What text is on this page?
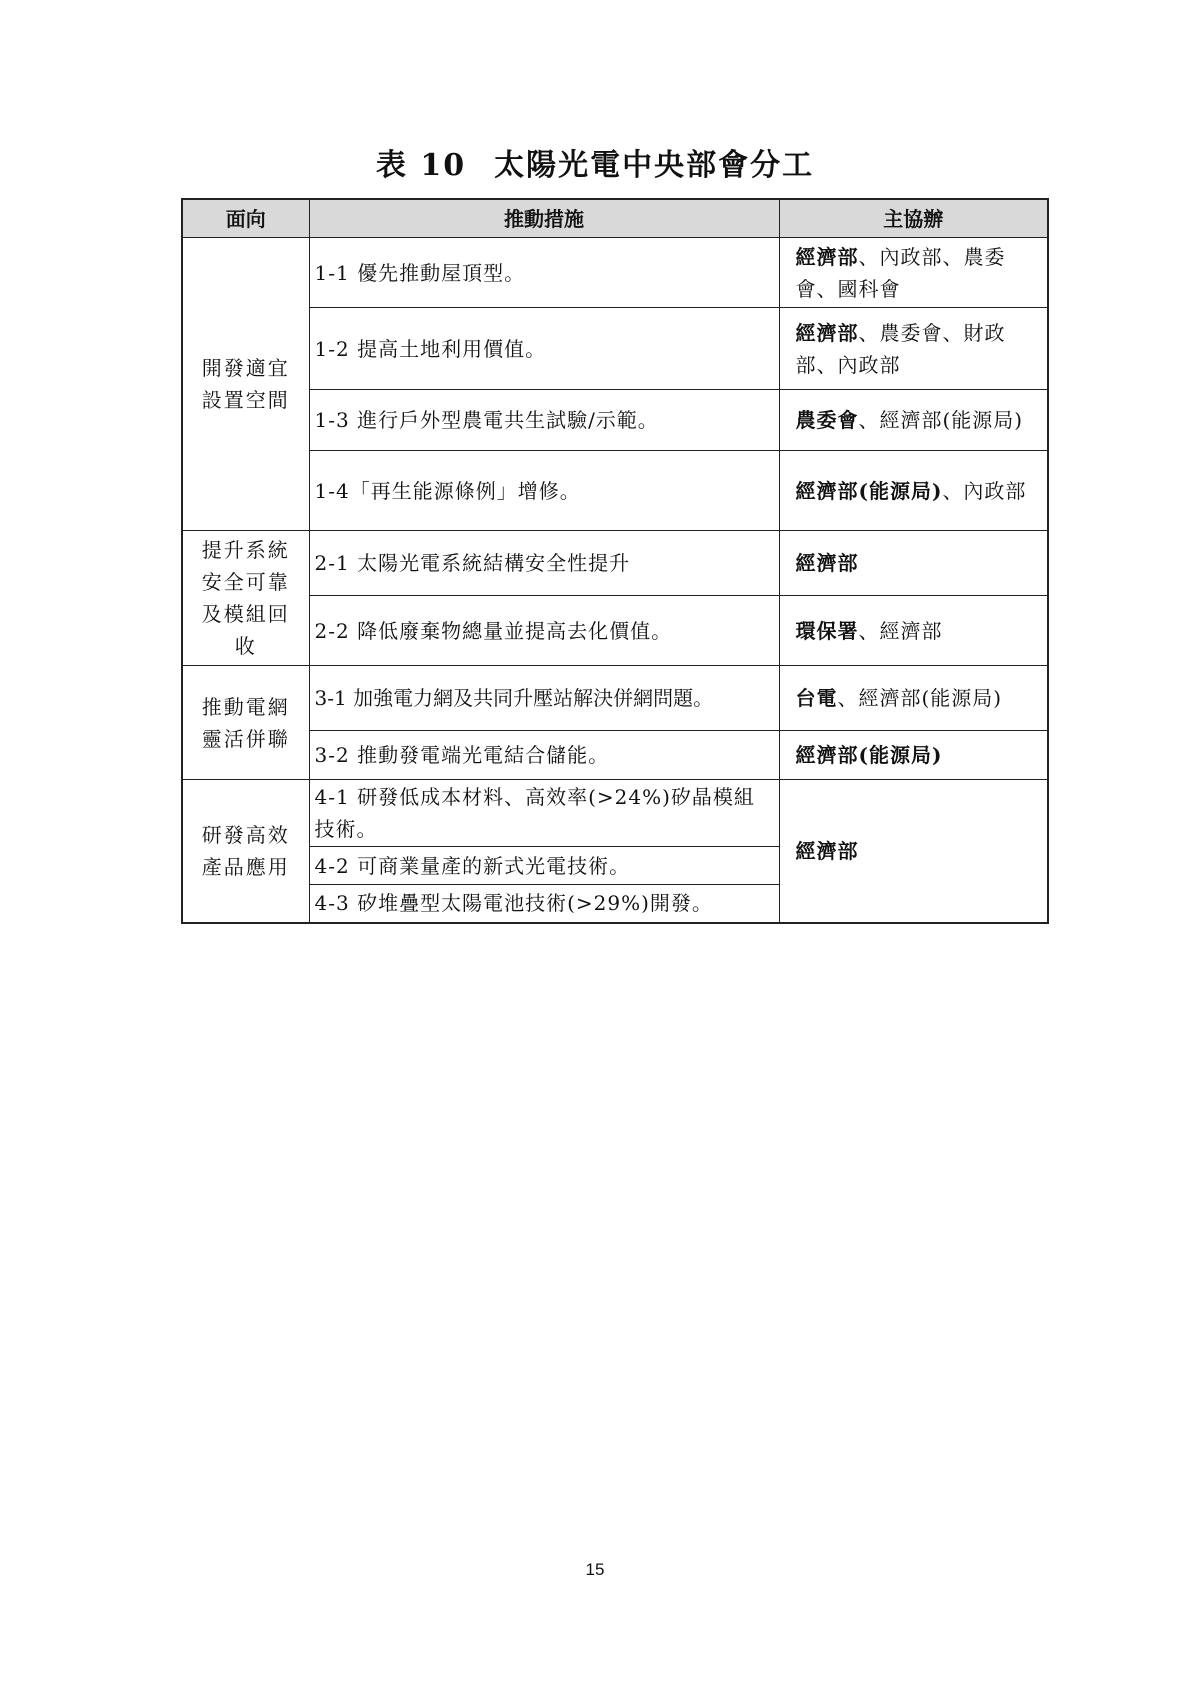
表 10 太陽光電中央部會分工
面向	推動措施	主協辦
開發適宜設置空間	1-1 優先推動屋頂型。	經濟部、內政部、農委會、國科會
	1-2 提高土地利用價值。	經濟部、農委會、財政部、內政部
	1-3 進行戶外型農電共生試驗/示範。	農委會、經濟部(能源局)
	1-4「再生能源條例」增修。	經濟部(能源局)、內政部
提升系統安全可靠及模組回收	2-1 太陽光電系統結構安全性提升	經濟部
	2-2 降低廢棄物總量並提高去化價值。	環保署、經濟部
推動電網靈活併聯	3-1 加強電力網及共同升壓站解決併網問題。	台電、經濟部(能源局)
	3-2 推動發電端光電結合儲能。	經濟部(能源局)
研發高效產品應用	4-1 研發低成本材料、高效率(>24%)矽晶模組技術。	經濟部
	4-2 可商業量產的新式光電技術。	
	4-3 矽堆疊型太陽電池技術(>29%)開發。	
15
